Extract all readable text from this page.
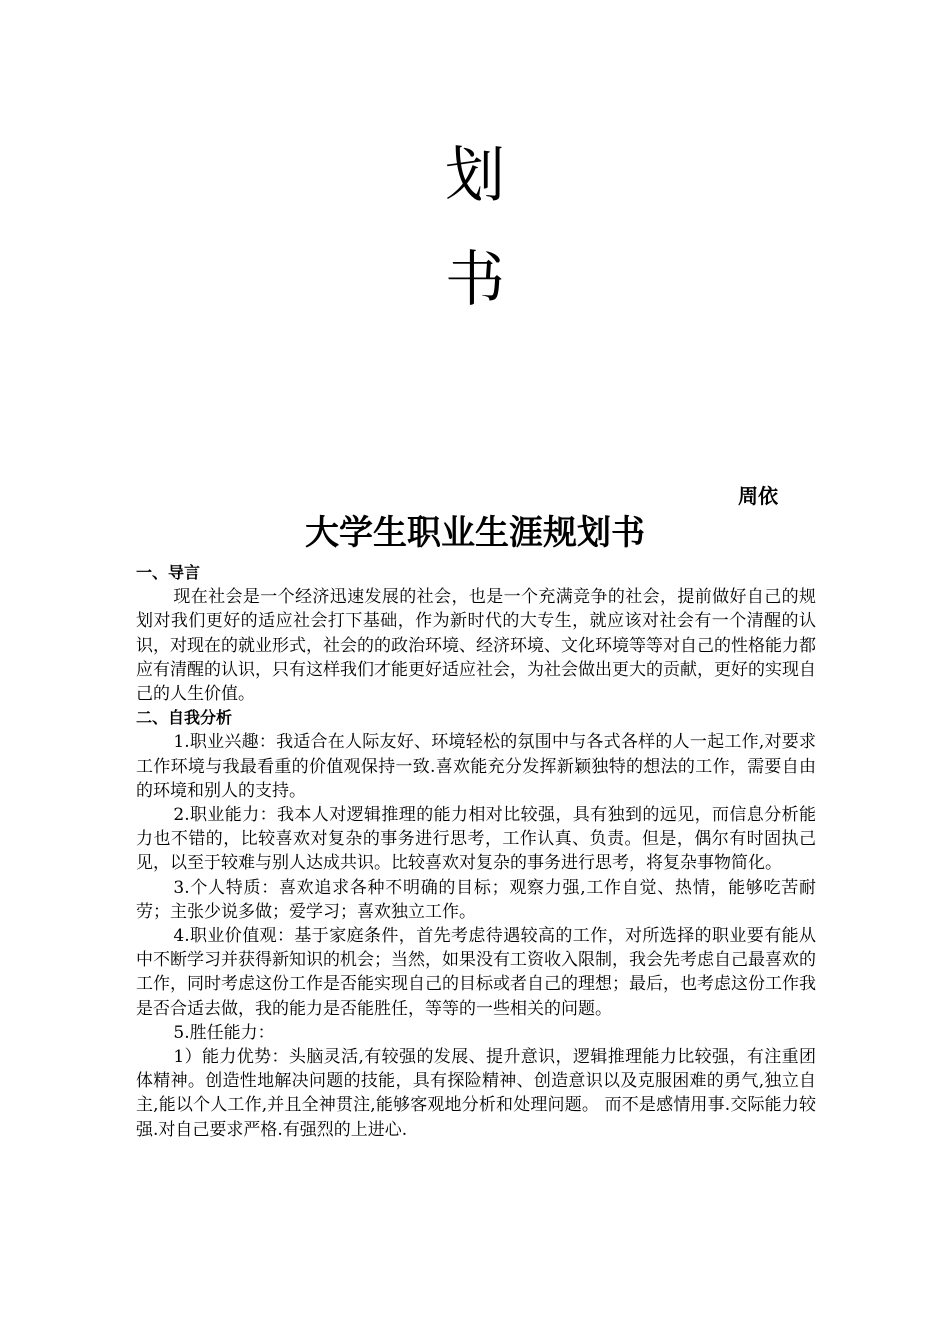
划
书
周依
大学生职业生涯规划书
一、导言

现在社会是一个经济迅速发展的社会，也是一个充满竞争的社会，提前做好自己的规划对我们更好的适应社会打下基础，作为新时代的大专生，就应该对社会有一个清醒的认识，对现在的就业形式，社会的的政治环境、经济环境、文化环境等等对自己的性格能力都应有清醒的认识，只有这样我们才能更好适应社会，为社会做出更大的贡献，更好的实现自己的人生价值。

二、自我分析

1.职业兴趣：我适合在人际友好、环境轻松的氛围中与各式各样的人一起工作,对要求工作环境与我最看重的价值观保持一致.喜欢能充分发挥新颖独特的想法的工作，需要自由的环境和别人的支持。

2.职业能力：我本人对逻辑推理的能力相对比较强，具有独到的远见，而信息分析能力也不错的，比较喜欢对复杂的事务进行思考，工作认真、负责。但是，偶尔有时固执己见，以至于较难与别人达成共识。比较喜欢对复杂的事务进行思考，将复杂事物简化。

3.个人特质：喜欢追求各种不明确的目标；观察力强,工作自觉、热情，能够吃苦耐劳；主张少说多做；爱学习；喜欢独立工作。

4.职业价值观：基于家庭条件，首先考虑待遇较高的工作，对所选择的职业要有能从中不断学习并获得新知识的机会；当然，如果没有工资收入限制，我会先考虑自己最喜欢的工作，同时考虑这份工作是否能实现自己的目标或者自己的理想；最后，也考虑这份工作我是否合适去做，我的能力是否能胜任，等等的一些相关的问题。

5.胜任能力：

1）能力优势：头脑灵活,有较强的发展、提升意识，逻辑推理能力比较强，有注重团体精神。创造性地解决问题的技能，具有探险精神、创造意识以及克服困难的勇气,独立自主,能以个人工作,并且全神贯注,能够客观地分析和处理问题。 而不是感情用事.交际能力较强.对自己要求严格.有强烈的上进心.
